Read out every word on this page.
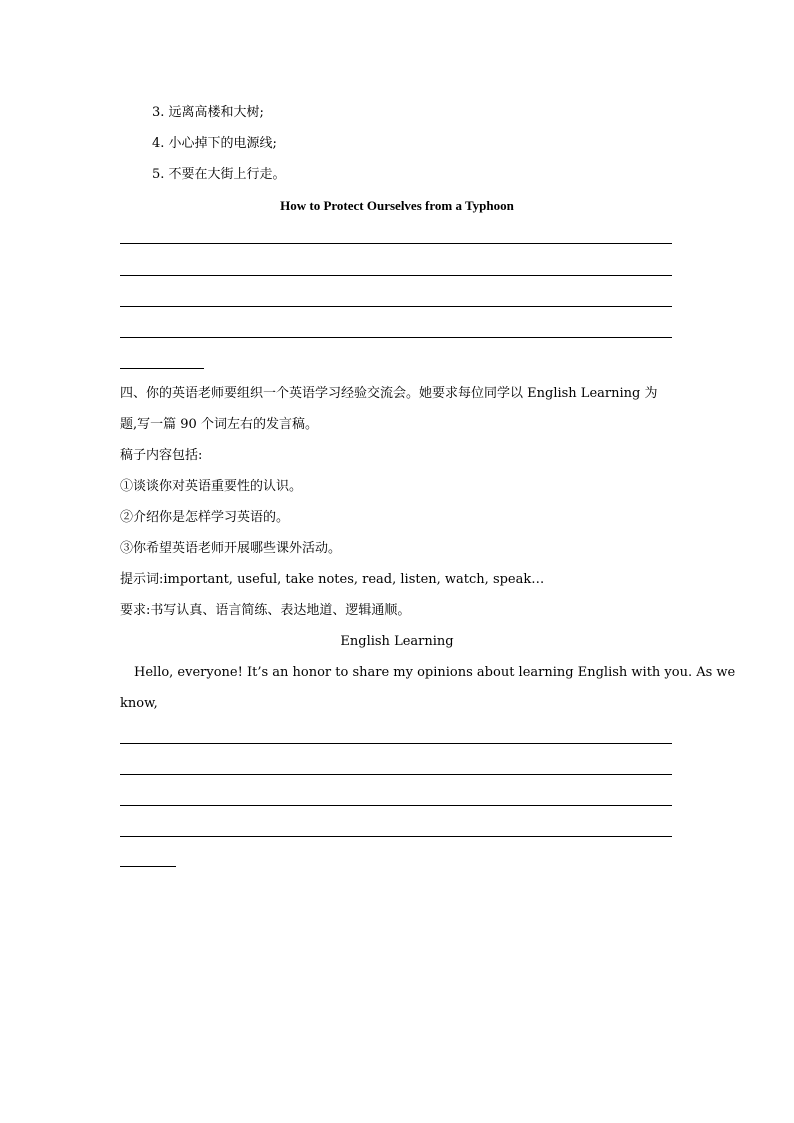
3. 远离高楼和大树;
4. 小心掉下的电源线;
5. 不要在大街上行走。
How to Protect Ourselves from a Typhoon
四、你的英语老师要组织一个英语学习经验交流会。她要求每位同学以 English Learning 为
题,写一篇 90 个词左右的发言稿。
稿子内容包括:
①谈谈你对英语重要性的认识。
②介绍你是怎样学习英语的。
③你希望英语老师开展哪些课外活动。
提示词:important, useful, take notes, read, listen, watch, speak…
要求:书写认真、语言简练、表达地道、逻辑通顺。
English Learning
Hello, everyone! It’s an honor to share my opinions about learning English with you. As we
know,
